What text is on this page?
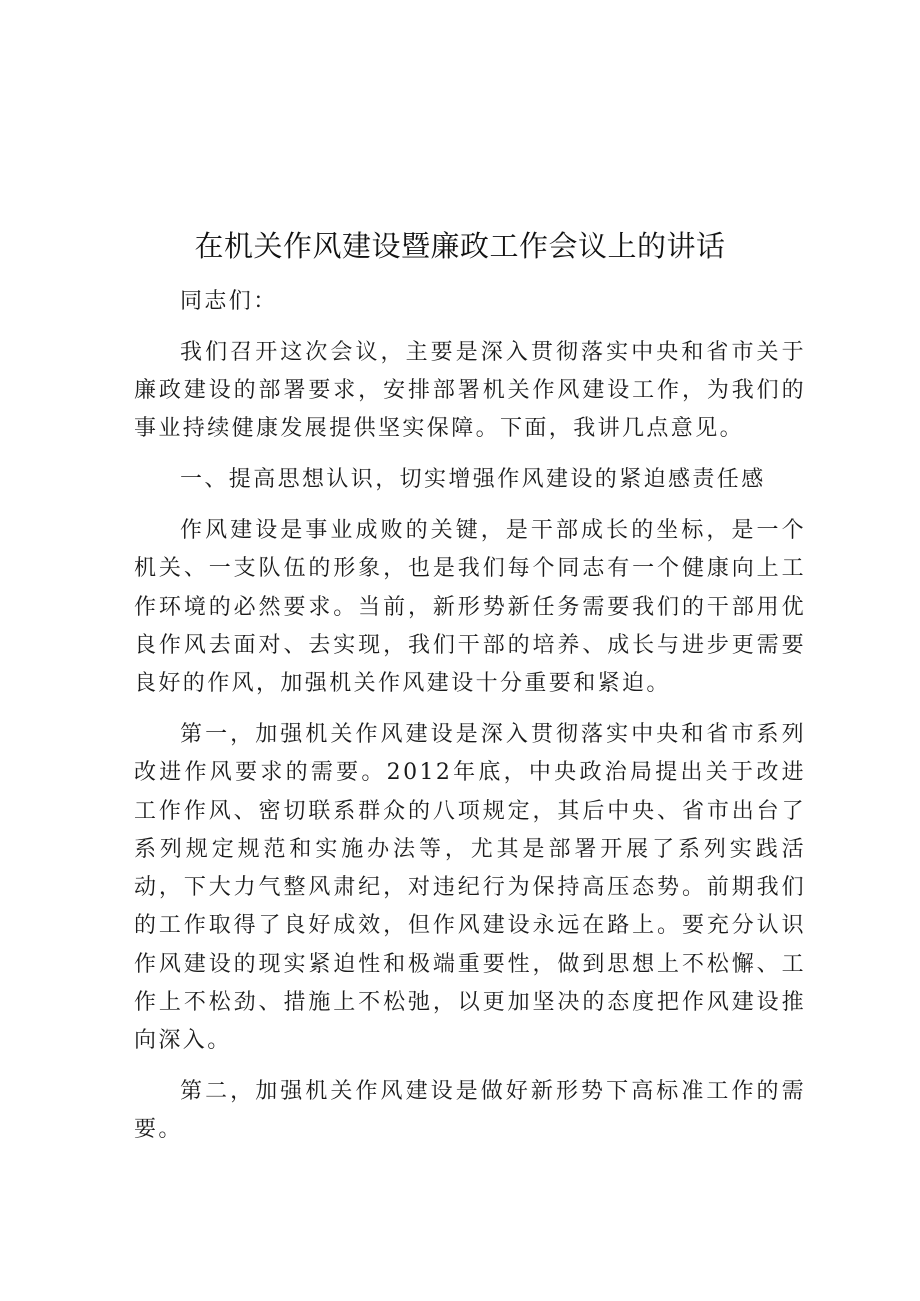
在机关作风建设暨廉政工作会议上的讲话

同志们：

我们召开这次会议，主要是深入贯彻落实中央和省市关于廉政建设的部署要求，安排部署机关作风建设工作，为我们的事业持续健康发展提供坚实保障。下面，我讲几点意见。

一、提高思想认识，切实增强作风建设的紧迫感责任感

作风建设是事业成败的关键，是干部成长的坐标，是一个机关、一支队伍的形象，也是我们每个同志有一个健康向上工作环境的必然要求。当前，新形势新任务需要我们的干部用优良作风去面对、去实现，我们干部的培养、成长与进步更需要良好的作风，加强机关作风建设十分重要和紧迫。

第一，加强机关作风建设是深入贯彻落实中央和省市系列改进作风要求的需要。2012年底，中央政治局提出关于改进工作作风、密切联系群众的八项规定，其后中央、省市出台了系列规定规范和实施办法等，尤其是部署开展了系列实践活动，下大力气整风肃纪，对违纪行为保持高压态势。前期我们的工作取得了良好成效，但作风建设永远在路上。要充分认识作风建设的现实紧迫性和极端重要性，做到思想上不松懈、工作上不松劲、措施上不松弛，以更加坚决的态度把作风建设推向深入。

第二，加强机关作风建设是做好新形势下高标准工作的需要。
